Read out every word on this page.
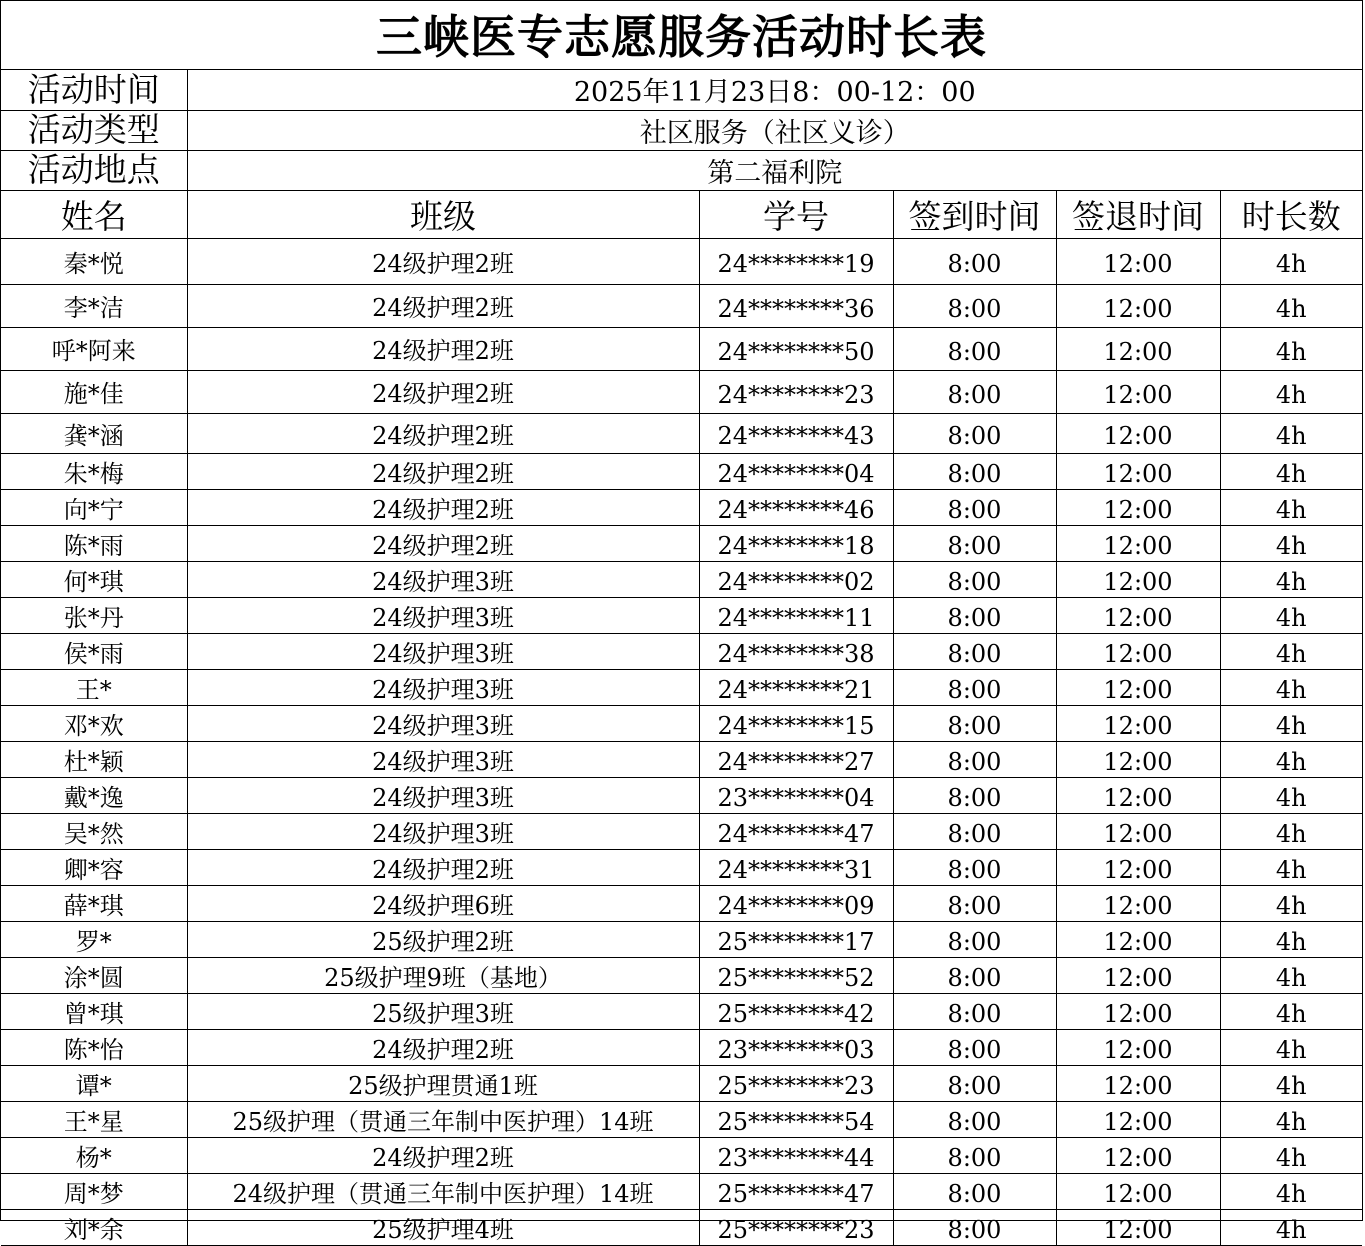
三峡医专志愿服务活动时长表
活动时间	2025年11月23日8：00-12：00				
活动类型	社区服务（社区义诊）				
活动地点	第二福利院				
姓名	班级	学号	签到时间	签退时间	时长数
秦*悦	24级护理2班	24********19	8:00	12:00	4h
李*洁	24级护理2班	24********36	8:00	12:00	4h
呼*阿来	24级护理2班	24********50	8:00	12:00	4h
施*佳	24级护理2班	24********23	8:00	12:00	4h
龚*涵	24级护理2班	24********43	8:00	12:00	4h
朱*梅	24级护理2班	24********04	8:00	12:00	4h
向*宁	24级护理2班	24********46	8:00	12:00	4h
陈*雨	24级护理2班	24********18	8:00	12:00	4h
何*琪	24级护理3班	24********02	8:00	12:00	4h
张*丹	24级护理3班	24********11	8:00	12:00	4h
侯*雨	24级护理3班	24********38	8:00	12:00	4h
王*	24级护理3班	24********21	8:00	12:00	4h
邓*欢	24级护理3班	24********15	8:00	12:00	4h
杜*颖	24级护理3班	24********27	8:00	12:00	4h
戴*逸	24级护理3班	23********04	8:00	12:00	4h
吴*然	24级护理3班	24********47	8:00	12:00	4h
卿*容	24级护理2班	24********31	8:00	12:00	4h
薛*琪	24级护理6班	24********09	8:00	12:00	4h
罗*	25级护理2班	25********17	8:00	12:00	4h
涂*圆	25级护理9班（基地）	25********52	8:00	12:00	4h
曾*琪	25级护理3班	25********42	8:00	12:00	4h
陈*怡	24级护理2班	23********03	8:00	12:00	4h
谭*	25级护理贯通1班	25********23	8:00	12:00	4h
王*星	25级护理（贯通三年制中医护理）14班	25********54	8:00	12:00	4h
杨*	24级护理2班	23********44	8:00	12:00	4h
周*梦	24级护理（贯通三年制中医护理）14班	25********47	8:00	12:00	4h
刘*余	25级护理4班	25********23	8:00	12:00	4h
